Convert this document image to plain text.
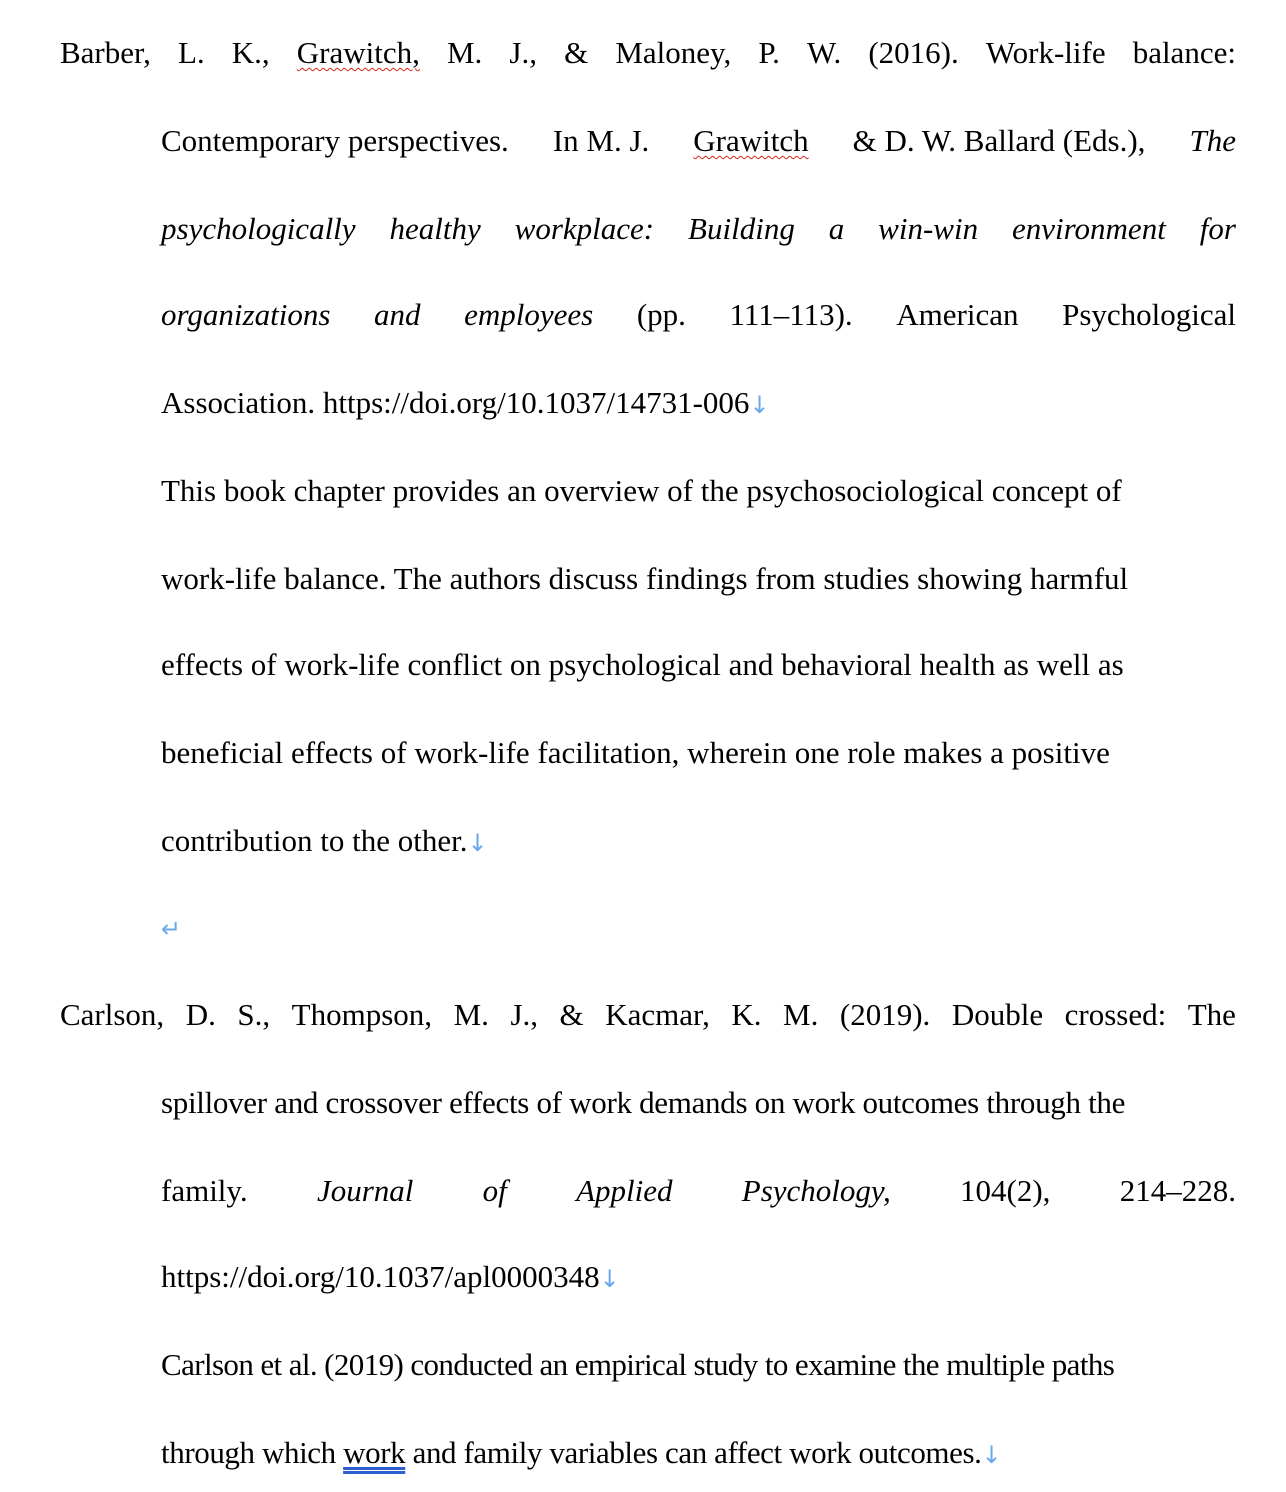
Barber, L. K., Grawitch, M. J., & Maloney, P. W. (2016). Work-life balance:
Contemporary perspectives. In M. J. Grawitch & D. W. Ballard (Eds.), The
psychologically healthy workplace: Building a win-win environment for
organizations and employees (pp. 111–113). American Psychological
Association. https://doi.org/10.1037/14731-006↓
This book chapter provides an overview of the psychosociological concept of
work-life balance. The authors discuss findings from studies showing harmful
effects of work-life conflict on psychological and behavioral health as well as
beneficial effects of work-life facilitation, wherein one role makes a positive
contribution to the other.↓
↵
Carlson, D. S., Thompson, M. J., & Kacmar, K. M. (2019). Double crossed: The
spillover and crossover effects of work demands on work outcomes through the
family. Journal of Applied Psychology, 104(2), 214–228.
https://doi.org/10.1037/apl0000348↓
Carlson et al. (2019) conducted an empirical study to examine the multiple paths
through which work and family variables can affect work outcomes.↓
